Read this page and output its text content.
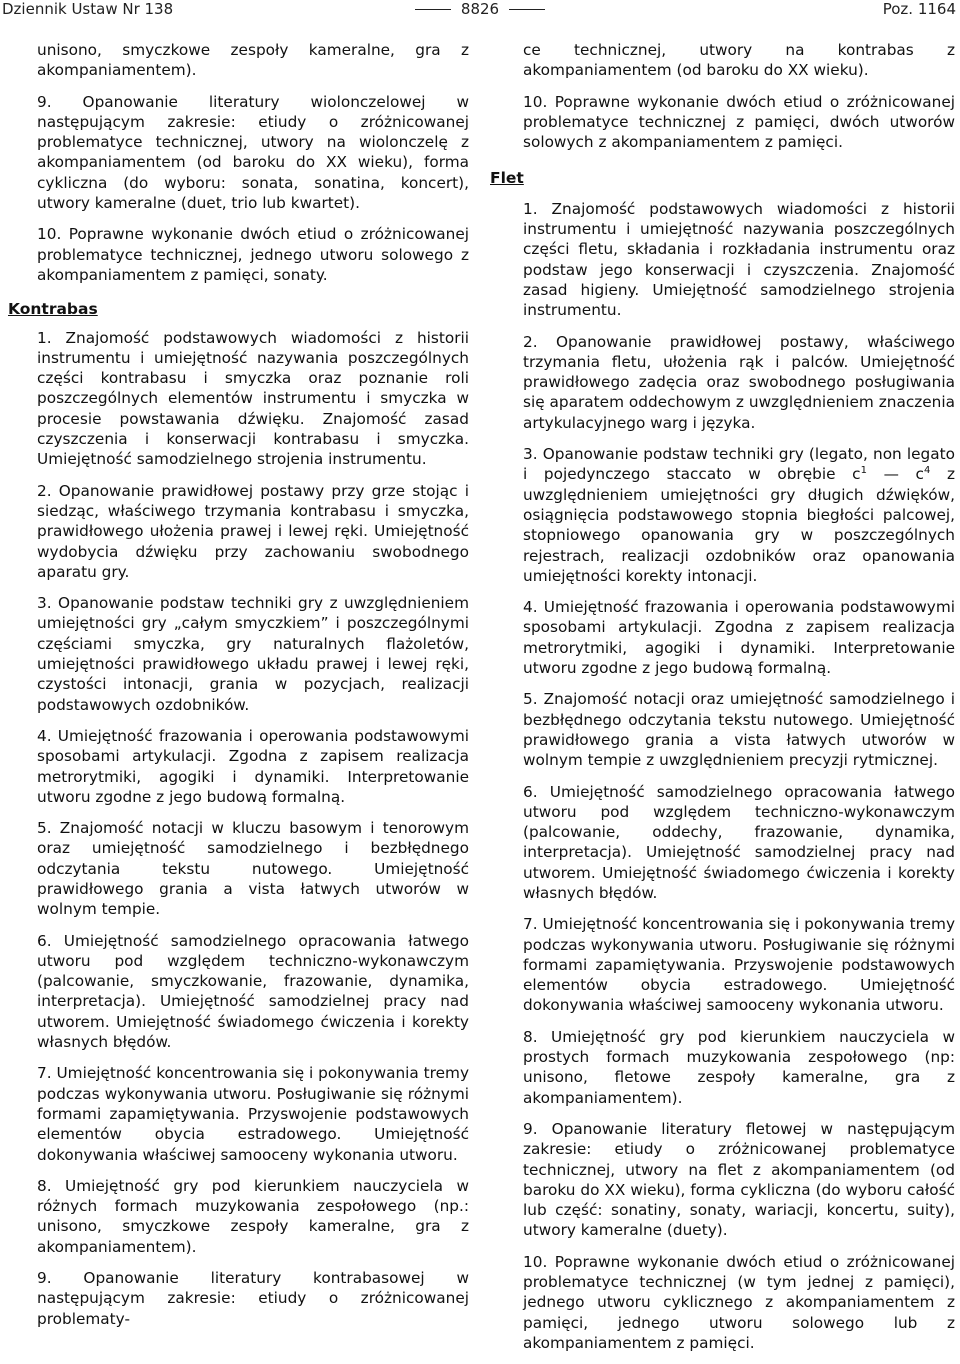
Dziennik Ustaw Nr 138	8826	Poz. 1164

unisono, smyczkowe zespoły kameralne, gra z akompaniamentem).

9. Opanowanie literatury wiolonczelowej w następującym zakresie: etiudy o zróżnicowanej problematyce technicznej, utwory na wiolonczelę z akompaniamentem (od baroku do XX wieku), forma cykliczna (do wyboru: sonata, sonatina, koncert), utwory kameralne (duet, trio lub kwartet).

10. Poprawne wykonanie dwóch etiud o zróżnicowanej problematyce technicznej, jednego utworu solowego z akompaniamentem z pamięci, sonaty.

Kontrabas

1. Znajomość podstawowych wiadomości z historii instrumentu i umiejętność nazywania poszczególnych części kontrabasu i smyczka oraz poznanie roli poszczególnych elementów instrumentu i smyczka w procesie powstawania dźwięku. Znajomość zasad czyszczenia i konserwacji kontrabasu i smyczka. Umiejętność samodzielnego strojenia instrumentu.

2. Opanowanie prawidłowej postawy przy grze stojąc i siedząc, właściwego trzymania kontrabasu i smyczka, prawidłowego ułożenia prawej i lewej ręki. Umiejętność wydobycia dźwięku przy zachowaniu swobodnego aparatu gry.

3. Opanowanie podstaw techniki gry z uwzględnieniem umiejętności gry „całym smyczkiem” i poszczególnymi częściami smyczka, gry naturalnych flażoletów, umiejętności prawidłowego układu prawej i lewej ręki, czystości intonacji, grania w pozycjach, realizacji podstawowych ozdobników.

4. Umiejętność frazowania i operowania podstawowymi sposobami artykulacji. Zgodna z zapisem realizacja metrorytmiki, agogiki i dynamiki. Interpretowanie utworu zgodne z jego budową formalną.

5. Znajomość notacji w kluczu basowym i tenorowym oraz umiejętność samodzielnego i bezbłędnego odczytania tekstu nutowego. Umiejętność prawidłowego grania a vista łatwych utworów w wolnym tempie.

6. Umiejętność samodzielnego opracowania łatwego utworu pod względem techniczno-wykonawczym (palcowanie, smyczkowanie, frazowanie, dynamika, interpretacja). Umiejętność samodzielnej pracy nad utworem. Umiejętność świadomego ćwiczenia i korekty własnych błędów.

7. Umiejętność koncentrowania się i pokonywania tremy podczas wykonywania utworu. Posługiwanie się różnymi formami zapamiętywania. Przyswojenie podstawowych elementów obycia estradowego. Umiejętność dokonywania właściwej samooceny wykonania utworu.

8. Umiejętność gry pod kierunkiem nauczyciela w różnych formach muzykowania zespołowego (np.: unisono, smyczkowe zespoły kameralne, gra z akompaniamentem).

9. Opanowanie literatury kontrabasowej w następującym zakresie: etiudy o zróżnicowanej problematy-

ce technicznej, utwory na kontrabas z akompaniamentem (od baroku do XX wieku).

10. Poprawne wykonanie dwóch etiud o zróżnicowanej problematyce technicznej z pamięci, dwóch utworów solowych z akompaniamentem z pamięci.

Flet

1. Znajomość podstawowych wiadomości z historii instrumentu i umiejętność nazywania poszczególnych części fletu, składania i rozkładania instrumentu oraz podstaw jego konserwacji i czyszczenia. Znajomość zasad higieny. Umiejętność samodzielnego strojenia instrumentu.

2. Opanowanie prawidłowej postawy, właściwego trzymania fletu, ułożenia rąk i palców. Umiejętność prawidłowego zadęcia oraz swobodnego posługiwania się aparatem oddechowym z uwzględnieniem znaczenia artykulacyjnego warg i języka.

3. Opanowanie podstaw techniki gry (legato, non legato i pojedynczego staccato w obrębie $c^1$ — $c^4$ z uwzględnieniem umiejętności gry długich dźwięków, osiągnięcia podstawowego stopnia biegłości palcowej, stopniowego opanowania gry w poszczególnych rejestrach, realizacji ozdobników oraz opanowania umiejętności korekty intonacji.

4. Umiejętność frazowania i operowania podstawowymi sposobami artykulacji. Zgodna z zapisem realizacja metrorytmiki, agogiki i dynamiki. Interpretowanie utworu zgodne z jego budową formalną.

5. Znajomość notacji oraz umiejętność samodzielnego i bezbłędnego odczytania tekstu nutowego. Umiejętność prawidłowego grania a vista łatwych utworów w wolnym tempie z uwzględnieniem precyzji rytmicznej.

6. Umiejętność samodzielnego opracowania łatwego utworu pod względem techniczno-wykonawczym (palcowanie, oddechy, frazowanie, dynamika, interpretacja). Umiejętność samodzielnej pracy nad utworem. Umiejętność świadomego ćwiczenia i korekty własnych błędów.

7. Umiejętność koncentrowania się i pokonywania tremy podczas wykonywania utworu. Posługiwanie się różnymi formami zapamiętywania. Przyswojenie podstawowych elementów obycia estradowego. Umiejętność dokonywania właściwej samooceny wykonania utworu.

8. Umiejętność gry pod kierunkiem nauczyciela w prostych formach muzykowania zespołowego (np: unisono, fletowe zespoły kameralne, gra z akompaniamentem).

9. Opanowanie literatury fletowej w następującym zakresie: etiudy o zróżnicowanej problematyce technicznej, utwory na flet z akompaniamentem (od baroku do XX wieku), forma cykliczna (do wyboru całość lub część: sonatiny, sonaty, wariacji, koncertu, suity), utwory kameralne (duety).

10. Poprawne wykonanie dwóch etiud o zróżnicowanej problematyce technicznej (w tym jednej z pamięci), jednego utworu cyklicznego z akompaniamentem z pamięci, jednego utworu solowego lub z akompaniamentem z pamięci.
